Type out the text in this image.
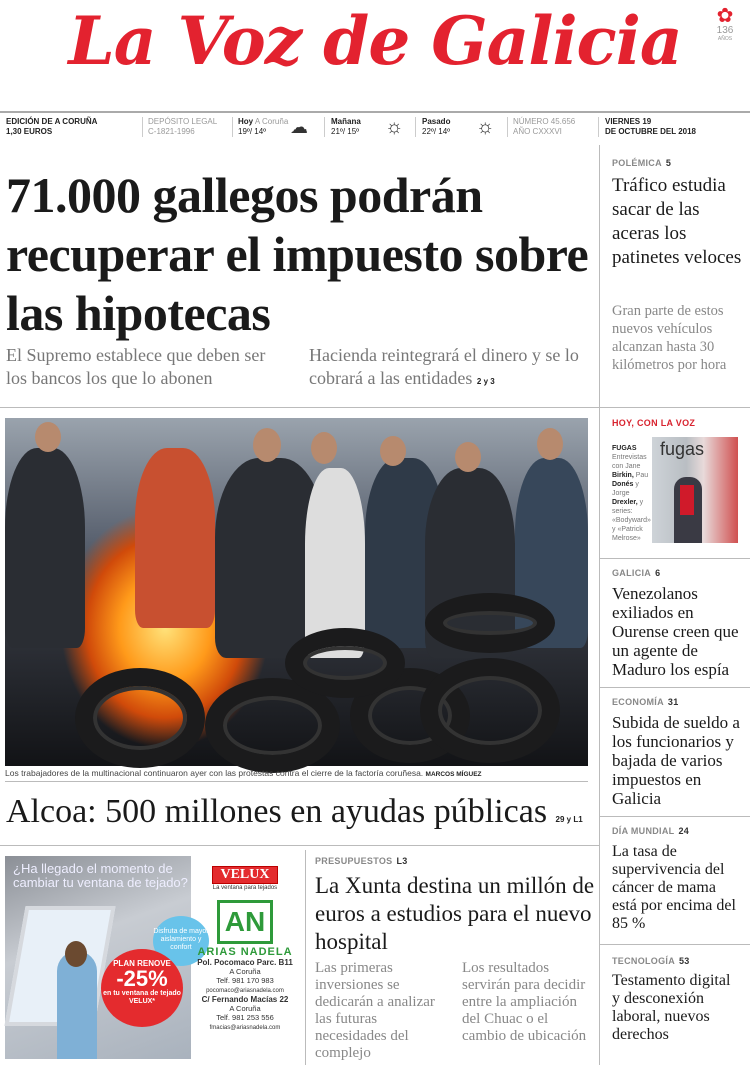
La Voz de Galicia	✿
136
AÑOS
EDICIÓN DE A CORUÑA
1,30 EUROS
DEPÓSITO LEGAL
C-1821-1996
Hoy A Coruña
19º/ 14º	☁	Mañana
21º/ 15º ☼ Pasado
22º/ 14º ☼ NÚMERO 45.656
AÑO CXXXVI
VIERNES 19
DE OCTUBRE DEL 2018
71.000 gallegos podrán recuperar el impuesto sobre las hipotecas
El Supremo establece que deben ser los bancos los que lo abonen
Hacienda reintegrará el dinero y se lo cobrará a las entidades 2 y 3
Los trabajadores de la multinacional continuaron ayer con las protestas contra el cierre de la factoría coruñesa. MARCOS MÍGUEZ
Alcoa: 500 millones en ayudas públicas 29 y L1
¿Ha llegado el momento de cambiar tu ventana de tejado?
Disfruta de mayor aislamiento y confort
PLAN RENOVE
-25%
en tu ventana de tejado VELUX*
VELUX
La ventana para tejados
AN
ARIAS NADELA
Pol. Pocomaco Parc. B11
A Coruña
Telf. 981 170 983
pocomaco@ariasnadela.com
C/ Fernando Macías 22
A Coruña
Telf. 981 253 556
fmacias@ariasnadela.com
PRESUPUESTOS L3
La Xunta destina un millón de euros a estudios para el nuevo hospital
Las primeras inversiones se dedicarán a analizar las futuras necesidades del complejo
Los resultados servirán para decidir entre la ampliación del Chuac o el cambio de ubicación
POLÉMICA 5
Tráfico estudia sacar de las aceras los patinetes veloces
Gran parte de estos nuevos vehículos alcanzan hasta 30 kilómetros por hora
HOY, CON LA VOZ
FUGAS
Entrevistas con Jane Birkin, Pau Donés y Jorge Drexler, y series: «Bodyward» y «Patrick Melrose»
fugas
GALICIA 6
Venezolanos exiliados en Ourense creen que un agente de Maduro los espía
ECONOMÍA 31
Subida de sueldo a los funcionarios y bajada de varios impuestos en Galicia
DÍA MUNDIAL 24
La tasa de supervivencia del cáncer de mama está por encima del 85 %
TECNOLOGÍA 53
Testamento digital y desconexión laboral, nuevos derechos
